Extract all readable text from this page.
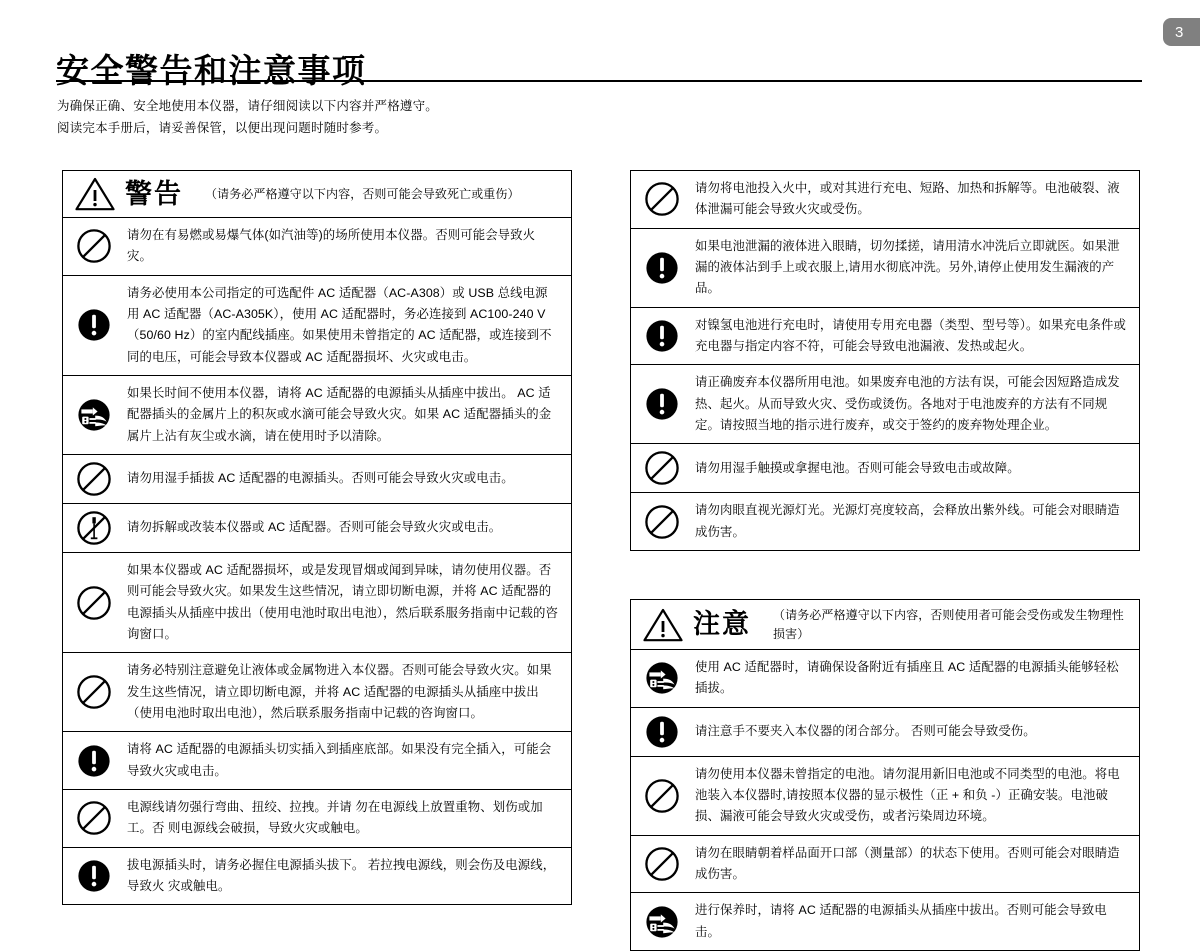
3
安全警告和注意事项
为确保正确、安全地使用本仪器，请仔细阅读以下内容并严格遵守。
阅读完本手册后，请妥善保管，以便出现问题时随时参考。
警告 （请务必严格遵守以下内容，否则可能会导致死亡或重伤）
请勿在有易燃或易爆气体(如汽油等)的场所使用本仪器。否则可能会导致火灾。
请务必使用本公司指定的可选配件 AC 适配器（AC-A308）或 USB 总线电源用 AC 适配器（AC-A305K），使用 AC 适配器时，务必连接到 AC100-240 V（50/60 Hz）的室内配线插座。如果使用未曾指定的 AC 适配器，或连接到不同的电压，可能会导致本仪器或 AC 适配器损坏、火灾或电击。
如果长时间不使用本仪器，请将 AC 适配器的电源插头从插座中拔出。 AC 适配器插头的金属片上的积灰或水滴可能会导致火灾。如果 AC 适配器插头的金属片上沾有灰尘或水滴，请在使用时予以清除。
请勿用湿手插拔 AC 适配器的电源插头。否则可能会导致火灾或电击。
请勿拆解或改装本仪器或 AC 适配器。否则可能会导致火灾或电击。
如果本仪器或 AC 适配器损坏，或是发现冒烟或闻到异味，请勿使用仪器。否则可能会导致火灾。如果发生这些情况，请立即切断电源，并将 AC 适配器的电源插头从插座中拔出（使用电池时取出电池），然后联系服务指南中记载的咨询窗口。
请务必特别注意避免让液体或金属物进入本仪器。否则可能会导致火灾。如果发生这些情况，请立即切断电源，并将 AC 适配器的电源插头从插座中拔出（使用电池时取出电池），然后联系服务指南中记载的咨询窗口。
请将 AC 适配器的电源插头切实插入到插座底部。如果没有完全插入，可能会导致火灾或电击。
电源线请勿强行弯曲、扭绞、拉拽。并请 勿在电源线上放置重物、划伤或加工。否 则电源线会破损，导致火灾或触电。
拔电源插头时，请务必握住电源插头拔下。 若拉拽电源线，则会伤及电源线，导致火 灾或触电。
请勿将电池投入火中，或对其进行充电、短路、加热和拆解等。电池破裂、液体泄漏可能会导致火灾或受伤。
如果电池泄漏的液体进入眼睛，切勿揉搓，请用清水冲洗后立即就医。如果泄漏的液体沾到手上或衣服上,请用水彻底冲洗。另外,请停止使用发生漏液的产品。
对镍氢电池进行充电时，请使用专用充电器（类型、型号等）。如果充电条件或充电器与指定内容不符，可能会导致电池漏液、发热或起火。
请正确废弃本仪器所用电池。如果废弃电池的方法有误，可能会因短路造成发热、起火。从而导致火灾、受伤或烫伤。各地对于电池废弃的方法有不同规定。请按照当地的指示进行废弃，或交于签约的废弃物处理企业。
请勿用湿手触摸或拿握电池。否则可能会导致电击或故障。
请勿肉眼直视光源灯光。光源灯亮度较高，会释放出紫外线。可能会对眼睛造成伤害。
注意 （请务必严格遵守以下内容，否则使用者可能会受伤或发生物理性损害）
使用 AC 适配器时，请确保设备附近有插座且 AC 适配器的电源插头能够轻松插拔。
请注意手不要夹入本仪器的闭合部分。 否则可能会导致受伤。
请勿使用本仪器未曾指定的电池。请勿混用新旧电池或不同类型的电池。将电池装入本仪器时,请按照本仪器的显示极性（正 + 和负 -）正确安装。电池破损、漏液可能会导致火灾或受伤，或者污染周边环境。
请勿在眼睛朝着样品面开口部（测量部）的状态下使用。否则可能会对眼睛造成伤害。
进行保养时，请将 AC 适配器的电源插头从插座中拔出。否则可能会导致电击。
